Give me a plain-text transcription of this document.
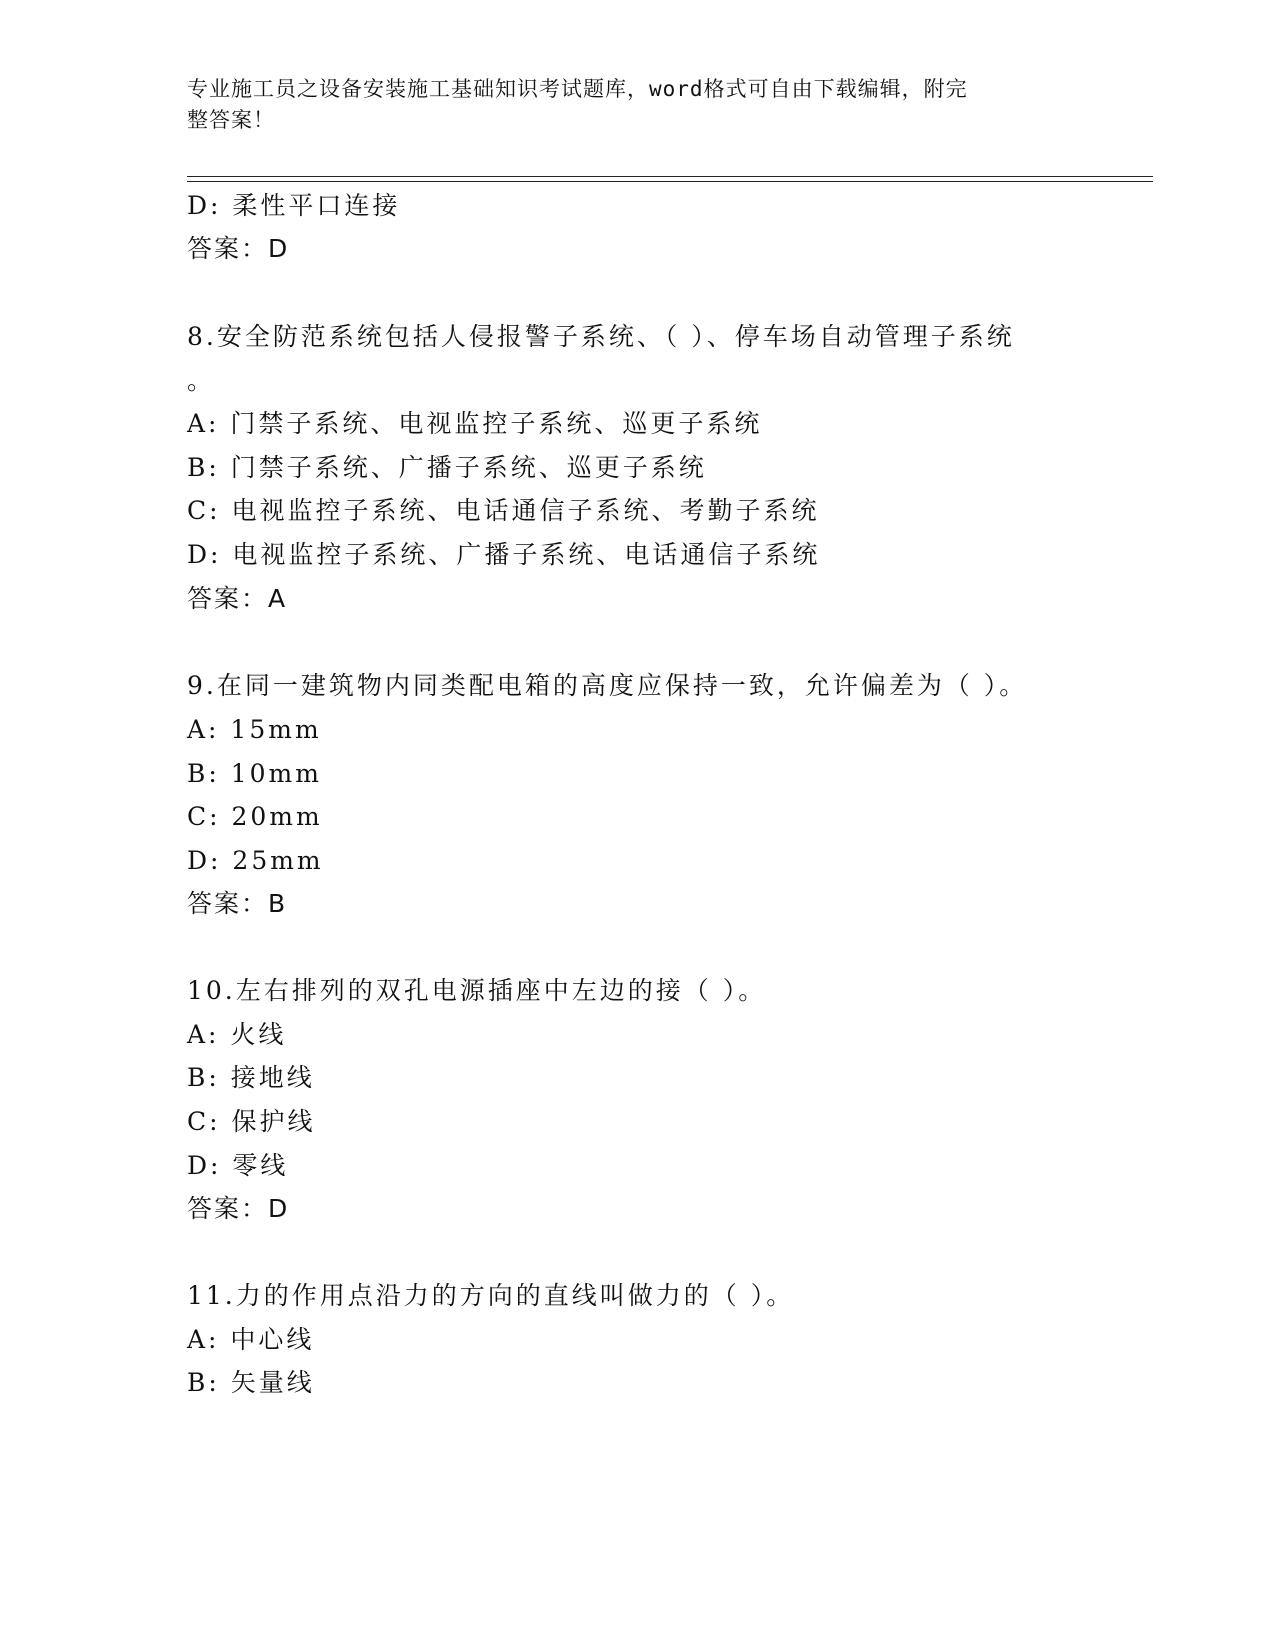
专业施工员之设备安装施工基础知识考试题库，word格式可自由下载编辑，附完
整答案！
D: 柔性平口连接
答案：D
8.安全防范系统包括人侵报警子系统、（ ）、停车场自动管理子系统
。
A: 门禁子系统、电视监控子系统、巡更子系统
B: 门禁子系统、广播子系统、巡更子系统
C: 电视监控子系统、电话通信子系统、考勤子系统
D: 电视监控子系统、广播子系统、电话通信子系统
答案：A
9.在同一建筑物内同类配电箱的高度应保持一致，允许偏差为（ ）。
A: 15mm
B: 10mm
C: 20mm
D: 25mm
答案：B
10.左右排列的双孔电源插座中左边的接（ ）。
A: 火线
B: 接地线
C: 保护线
D: 零线
答案：D
11.力的作用点沿力的方向的直线叫做力的（ ）。
A: 中心线
B: 矢量线
